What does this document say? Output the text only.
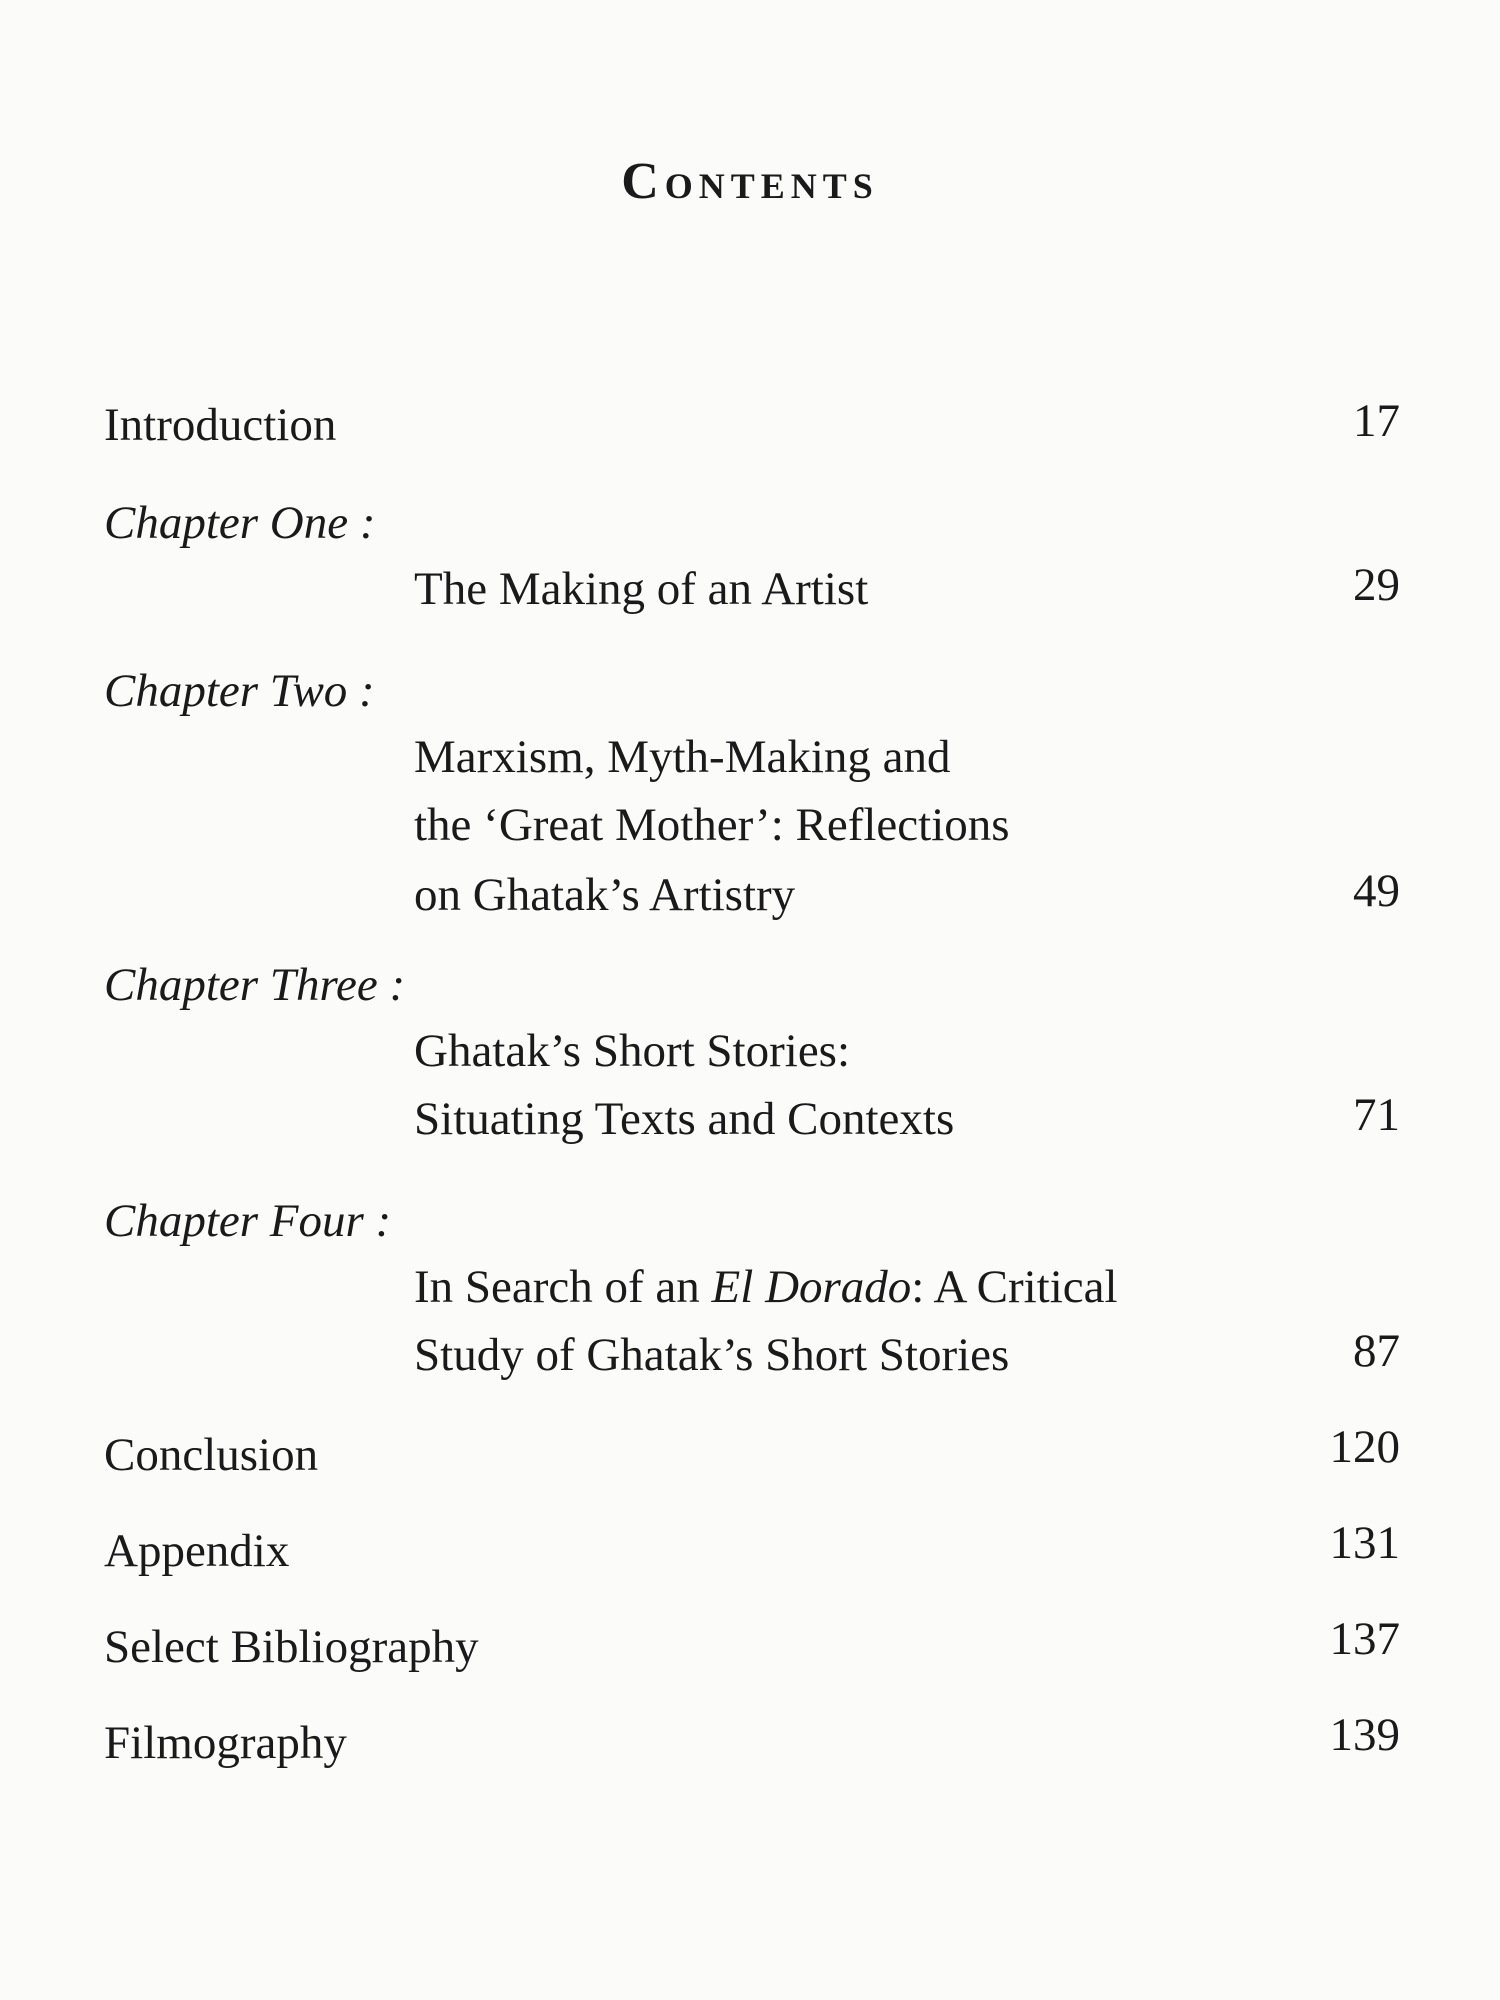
Contents
Introduction	17
Chapter One :
The Making of an Artist	29
Chapter Two :
Marxism, Myth-Making and
the ‘Great Mother’: Reflections
on Ghatak’s Artistry	49
Chapter Three :
Ghatak’s Short Stories:
Situating Texts and Contexts	71
Chapter Four :
In Search of an El Dorado: A Critical
Study of Ghatak’s Short Stories	87
Conclusion	120
Appendix	131
Select Bibliography	137
Filmography	139
